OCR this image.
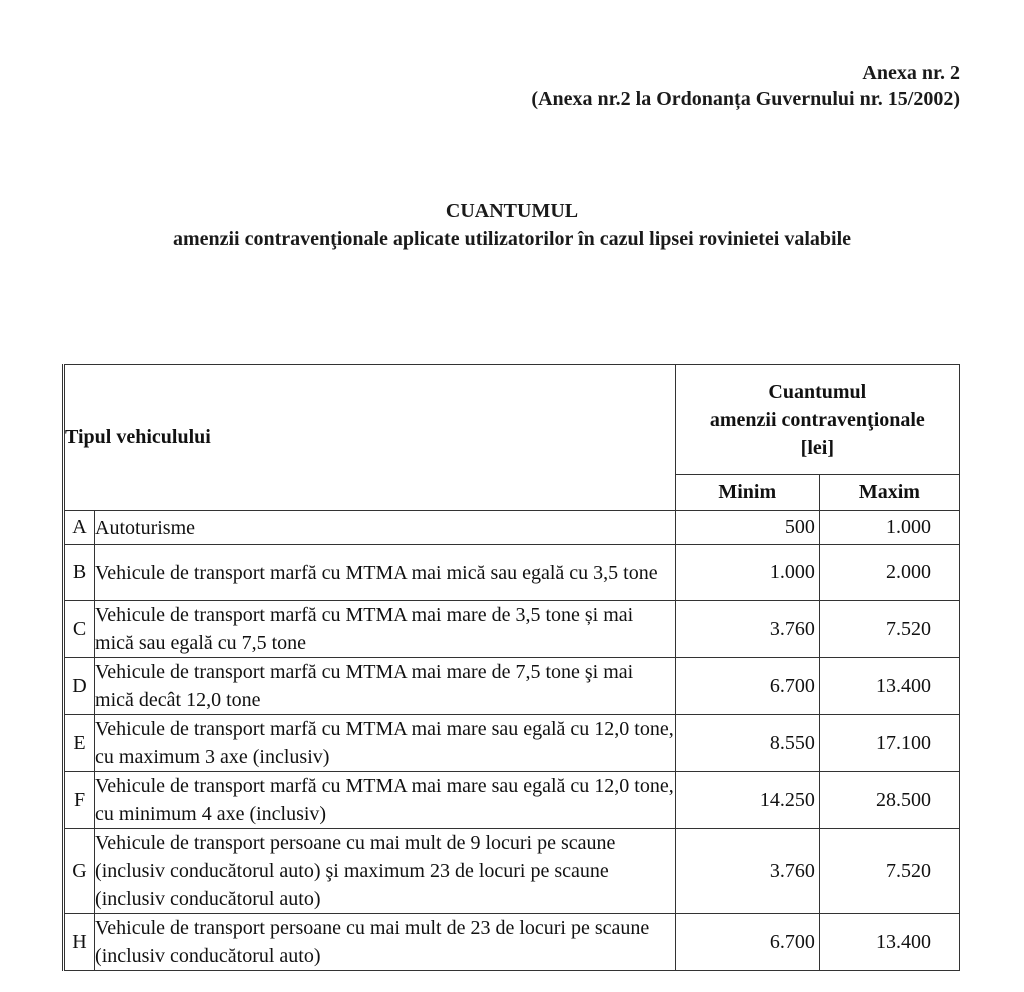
Anexa nr. 2
(Anexa nr.2 la Ordonanța Guvernului nr. 15/2002)
CUANTUMUL
amenzii contravenţionale aplicate utilizatorilor în cazul lipsei rovinietei valabile
Tipul vehiculului		Cuantumul
amenzii contravenţionale
[lei]	

		Minim	Maxim
A	Autoturisme	500	1.000
B	Vehicule de transport marfă cu MTMA mai mică sau egală cu 3,5 tone	1.000	2.000
C	Vehicule de transport marfă cu MTMA mai mare de 3,5 tone și mai mică sau egală cu 7,5 tone	3.760	7.520
D	Vehicule de transport marfă cu MTMA mai mare de 7,5 tone şi mai mică decât 12,0 tone	6.700	13.400
E	Vehicule de transport marfă cu MTMA mai mare sau egală cu 12,0 tone, cu maximum 3 axe (inclusiv)	8.550	17.100
F	Vehicule de transport marfă cu MTMA mai mare sau egală cu 12,0 tone, cu minimum 4 axe (inclusiv)	14.250	28.500
G	Vehicule de transport persoane cu mai mult de 9 locuri pe scaune (inclusiv conducătorul auto) şi maximum 23 de locuri pe scaune (inclusiv conducătorul auto)	3.760	7.520
H	Vehicule de transport persoane cu mai mult de 23 de locuri pe scaune (inclusiv conducătorul auto)	6.700	13.400
